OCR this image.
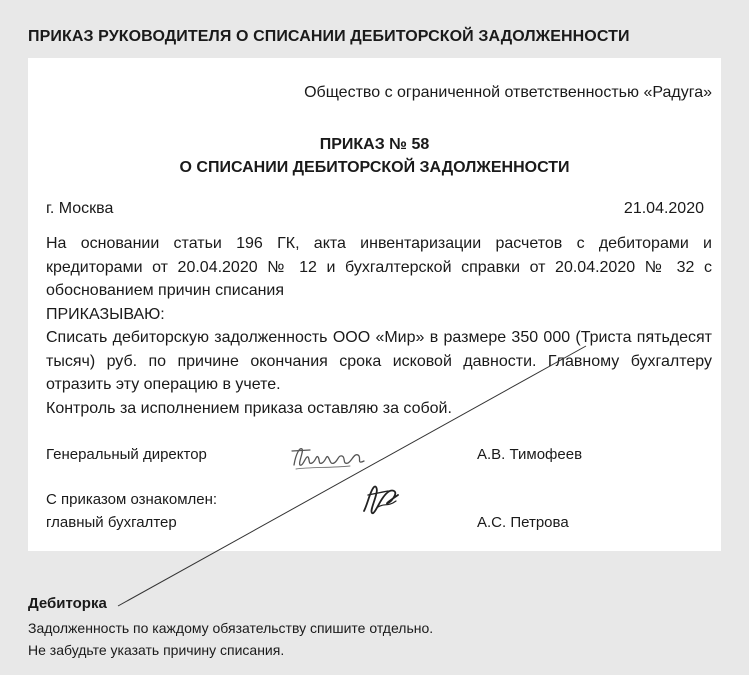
ПРИКАЗ РУКОВОДИТЕЛЯ О СПИСАНИИ ДЕБИТОРСКОЙ ЗАДОЛЖЕННОСТИ
Общество с ограниченной ответственностью «Радуга»
ПРИКАЗ № 58
О СПИСАНИИ ДЕБИТОРСКОЙ ЗАДОЛЖЕННОСТИ
г. Москва	21.04.2020
На основании статьи 196 ГК, акта инвентаризации расчетов с дебиторами и кредиторами от 20.04.2020 № 12 и бухгалтерской справки от 20.04.2020 № 32 с обоснованием причин списания
ПРИКАЗЫВАЮ:
Списать дебиторскую задолженность ООО «Мир» в размере 350 000 (Триста пятьдесят тысяч) руб. по причине окончания срока исковой давности. Главному бухгалтеру отразить эту операцию в учете.
Контроль за исполнением приказа оставляю за собой.
Генеральный директор	А.В. Тимофеев
С приказом ознакомлен:
главный бухгалтер	А.С. Петрова
Дебиторка
Задолженность по каждому обязательству спишите отдельно.
Не забудьте указать причину списания.
